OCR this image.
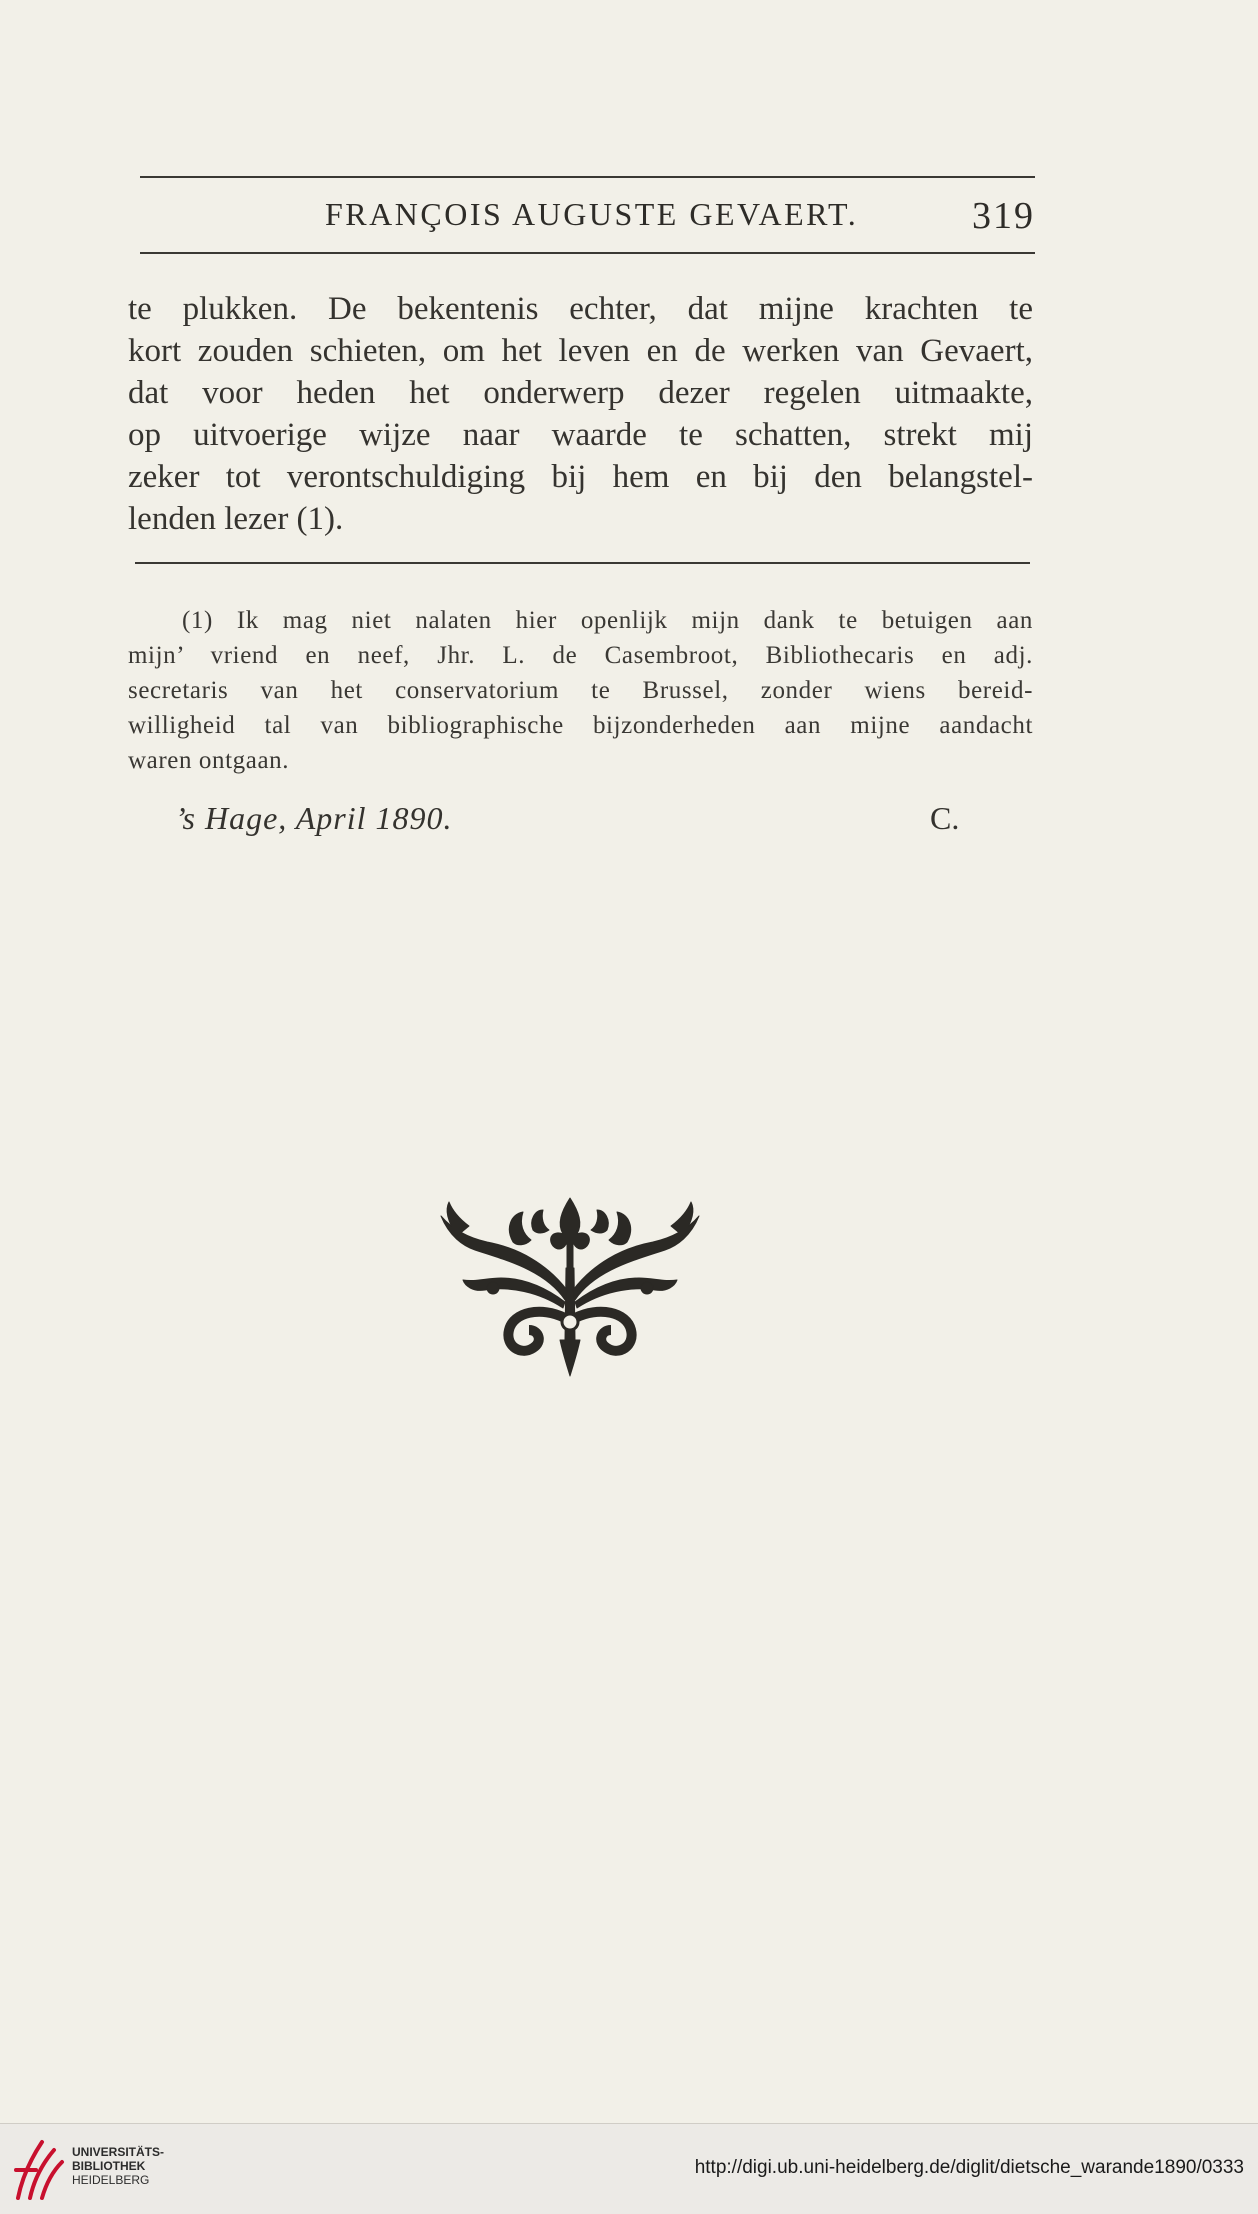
FRANÇOIS AUGUSTE GEVAERT.	319
te plukken. De bekentenis echter, dat mijne krachten te
kort zouden schieten, om het leven en de werken van Gevaert,
dat voor heden het onderwerp dezer regelen uitmaakte,
op uitvoerige wijze naar waarde te schatten, strekt mij
zeker tot verontschuldiging bij hem en bij den belangstel-
lenden lezer (1).
(1) Ik mag niet nalaten hier openlijk mijn dank te betuigen aan
mijn’ vriend en neef, Jhr. L. de Casembroot, Bibliothecaris en adj.
secretaris van het conservatorium te Brussel, zonder wiens bereid-
willigheid tal van bibliographische bijzonderheden aan mijne aandacht
waren ontgaan.
’s Hage, April 1890.	C.
UNIVERSITÄTS-
BIBLIOTHEK
HEIDELBERG
http://digi.ub.uni-heidelberg.de/diglit/dietsche_warande1890/0333
